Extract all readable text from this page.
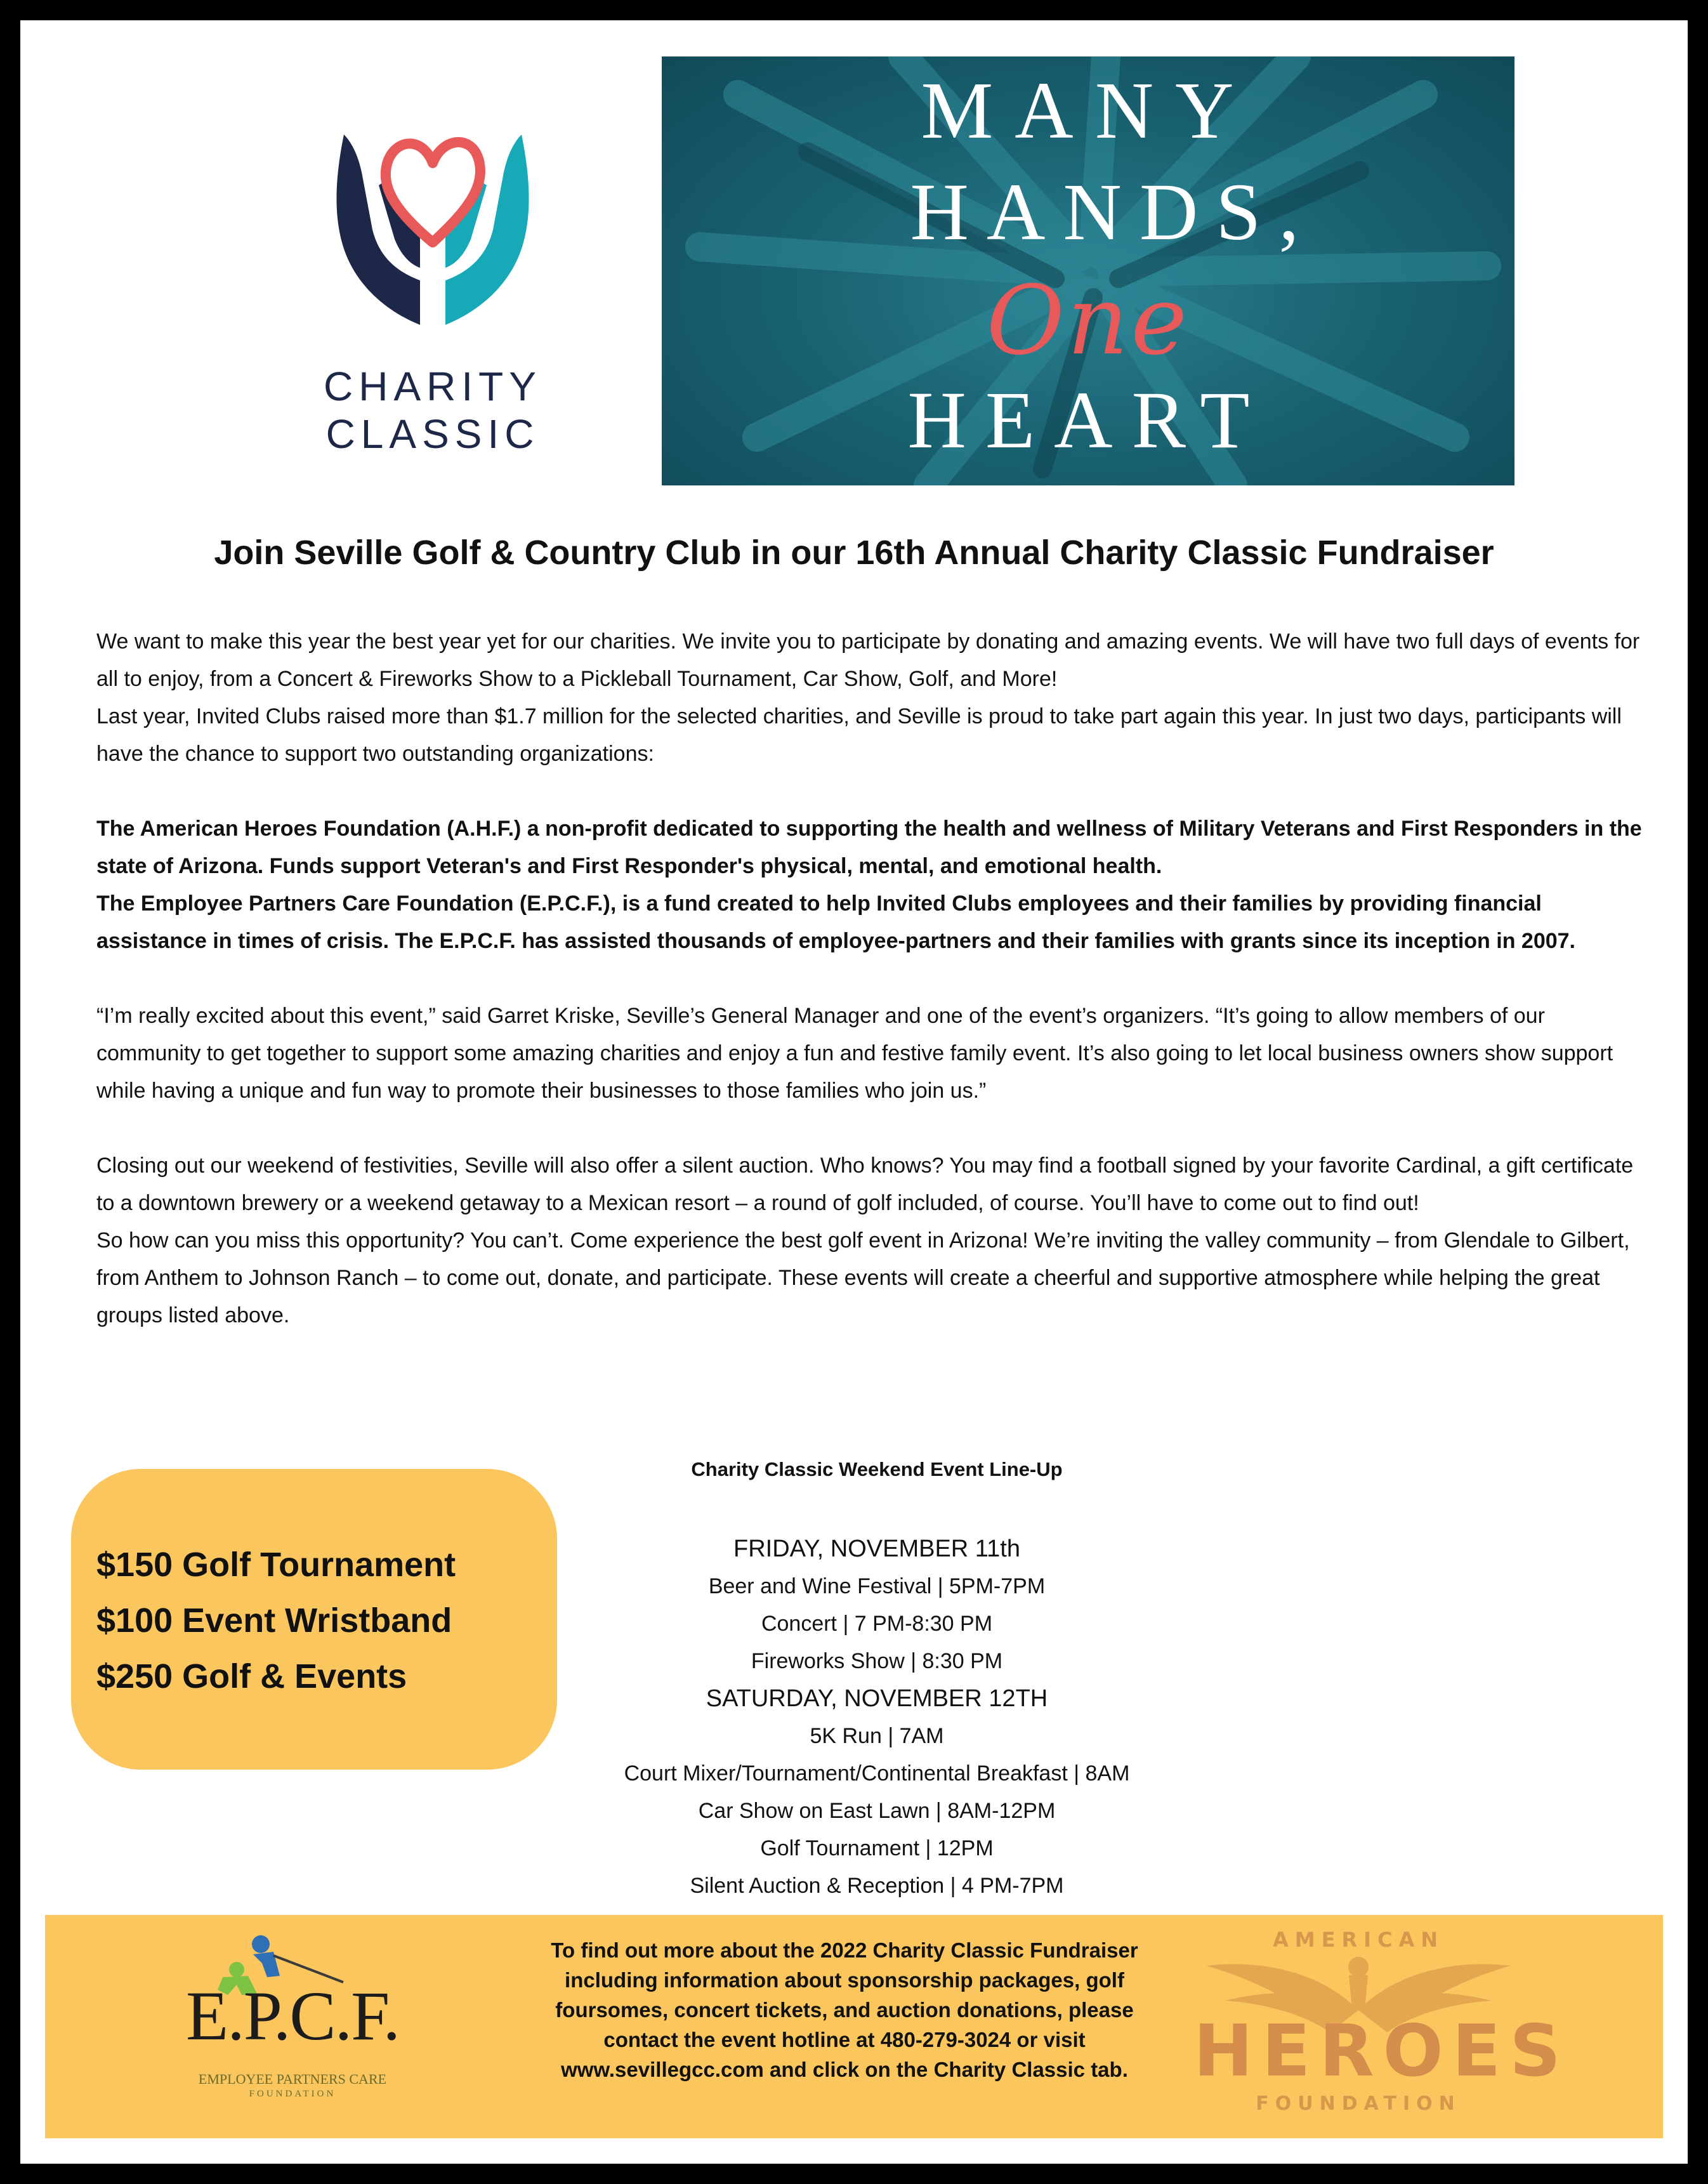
CHARITY
CLASSIC
MANY
HANDS,
One
HEART
Join Seville Golf & Country Club in our 16th Annual Charity Classic Fundraiser

We want to make this year the best year yet for our charities. We invite you to participate by donating and amazing events. We will have two full days of events for all to enjoy, from a Concert & Fireworks Show to a Pickleball Tournament, Car Show, Golf, and More!

Last year, Invited Clubs raised more than $1.7 million for the selected charities, and Seville is proud to take part again this year. In just two days, participants will have the chance to support two outstanding organizations:

The American Heroes Foundation (A.H.F.) a non-profit dedicated to supporting the health and wellness of Military Veterans and First Responders in the state of Arizona. Funds support Veteran's and First Responder's physical, mental, and emotional health.

The Employee Partners Care Foundation (E.P.C.F.), is a fund created to help Invited Clubs employees and their families by providing financial assistance in times of crisis. The E.P.C.F. has assisted thousands of employee-partners and their families with grants since its inception in 2007.

“I’m really excited about this event,” said Garret Kriske, Seville’s General Manager and one of the event’s organizers. “It’s going to allow members of our community to get together to support some amazing charities and enjoy a fun and festive family event. It’s also going to let local business owners show support while having a unique and fun way to promote their businesses to those families who join us.”

Closing out our weekend of festivities, Seville will also offer a silent auction. Who knows? You may find a football signed by your favorite Cardinal, a gift certificate to a downtown brewery or a weekend getaway to a Mexican resort – a round of golf included, of course. You’ll have to come out to find out!

So how can you miss this opportunity? You can’t. Come experience the best golf event in Arizona! We’re inviting the valley community – from Glendale to Gilbert, from Anthem to Johnson Ranch – to come out, donate, and participate. These events will create a cheerful and supportive atmosphere while helping the great groups listed above.

$150 Golf Tournament
$100 Event Wristband
$250 Golf & Events
Charity Classic Weekend Event Line-Up
FRIDAY, NOVEMBER 11th
Beer and Wine Festival | 5PM-7PM
Concert | 7 PM-8:30 PM
Fireworks Show | 8:30 PM
SATURDAY, NOVEMBER 12TH
5K Run | 7AM
Court Mixer/Tournament/Continental Breakfast | 8AM
Car Show on East Lawn | 8AM-12PM
Golf Tournament | 12PM
Silent Auction & Reception | 4 PM-7PM
E.P.C.F.
EMPLOYEE PARTNERS CARE
FOUNDATION
To find out more about the 2022 Charity Classic Fundraiser including information about sponsorship packages, golf foursomes, concert tickets, and auction donations, please contact the event hotline at 480-279-3024 or visit www.sevillegcc.com and click on the Charity Classic tab.
AMERICAN
HEROES
FOUNDATION
